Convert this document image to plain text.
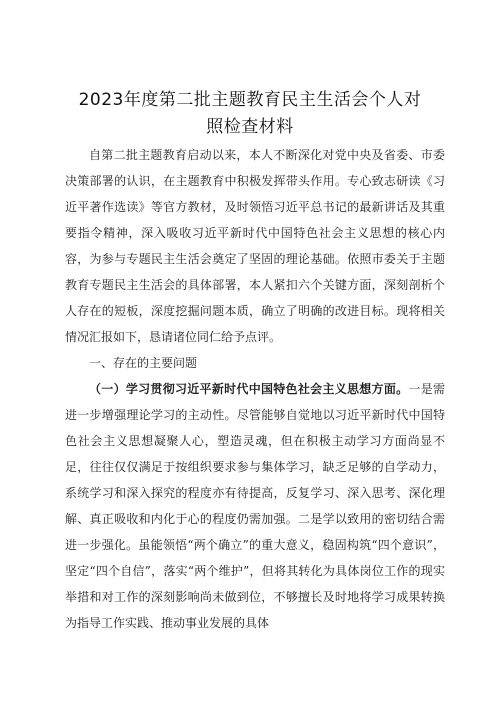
2023年度第二批主题教育民主生活会个人对
照检查材料

自第二批主题教育启动以来，本人不断深化对党中央及省委、市委决策部署的认识，在主题教育中积极发挥带头作用。专心致志研读《习近平著作选读》等官方教材，及时领悟习近平总书记的最新讲话及其重要指令精神，深入吸收习近平新时代中国特色社会主义思想的核心内容，为参与专题民主生活会奠定了坚固的理论基础。依照市委关于主题教育专题民主生活会的具体部署，本人紧扣六个关键方面，深刻剖析个人存在的短板，深度挖掘问题本质，确立了明确的改进目标。现将相关情况汇报如下，恳请诸位同仁给予点评。

一、存在的主要问题

（一）学习贯彻习近平新时代中国特色社会主义思想方面。一是需进一步增强理论学习的主动性。尽管能够自觉地以习近平新时代中国特色社会主义思想凝聚人心，塑造灵魂，但在积极主动学习方面尚显不足，往往仅仅满足于按组织要求参与集体学习，缺乏足够的自学动力，系统学习和深入探究的程度亦有待提高，反复学习、深入思考、深化理解、真正吸收和内化于心的程度仍需加强。二是学以致用的密切结合需进一步强化。虽能领悟“两个确立”的重大意义，稳固构筑“四个意识”，坚定“四个自信”，落实“两个维护”，但将其转化为具体岗位工作的现实举措和对工作的深刻影响尚未做到位，不够擅长及时地将学习成果转换为指导工作实践、推动事业发展的具体
